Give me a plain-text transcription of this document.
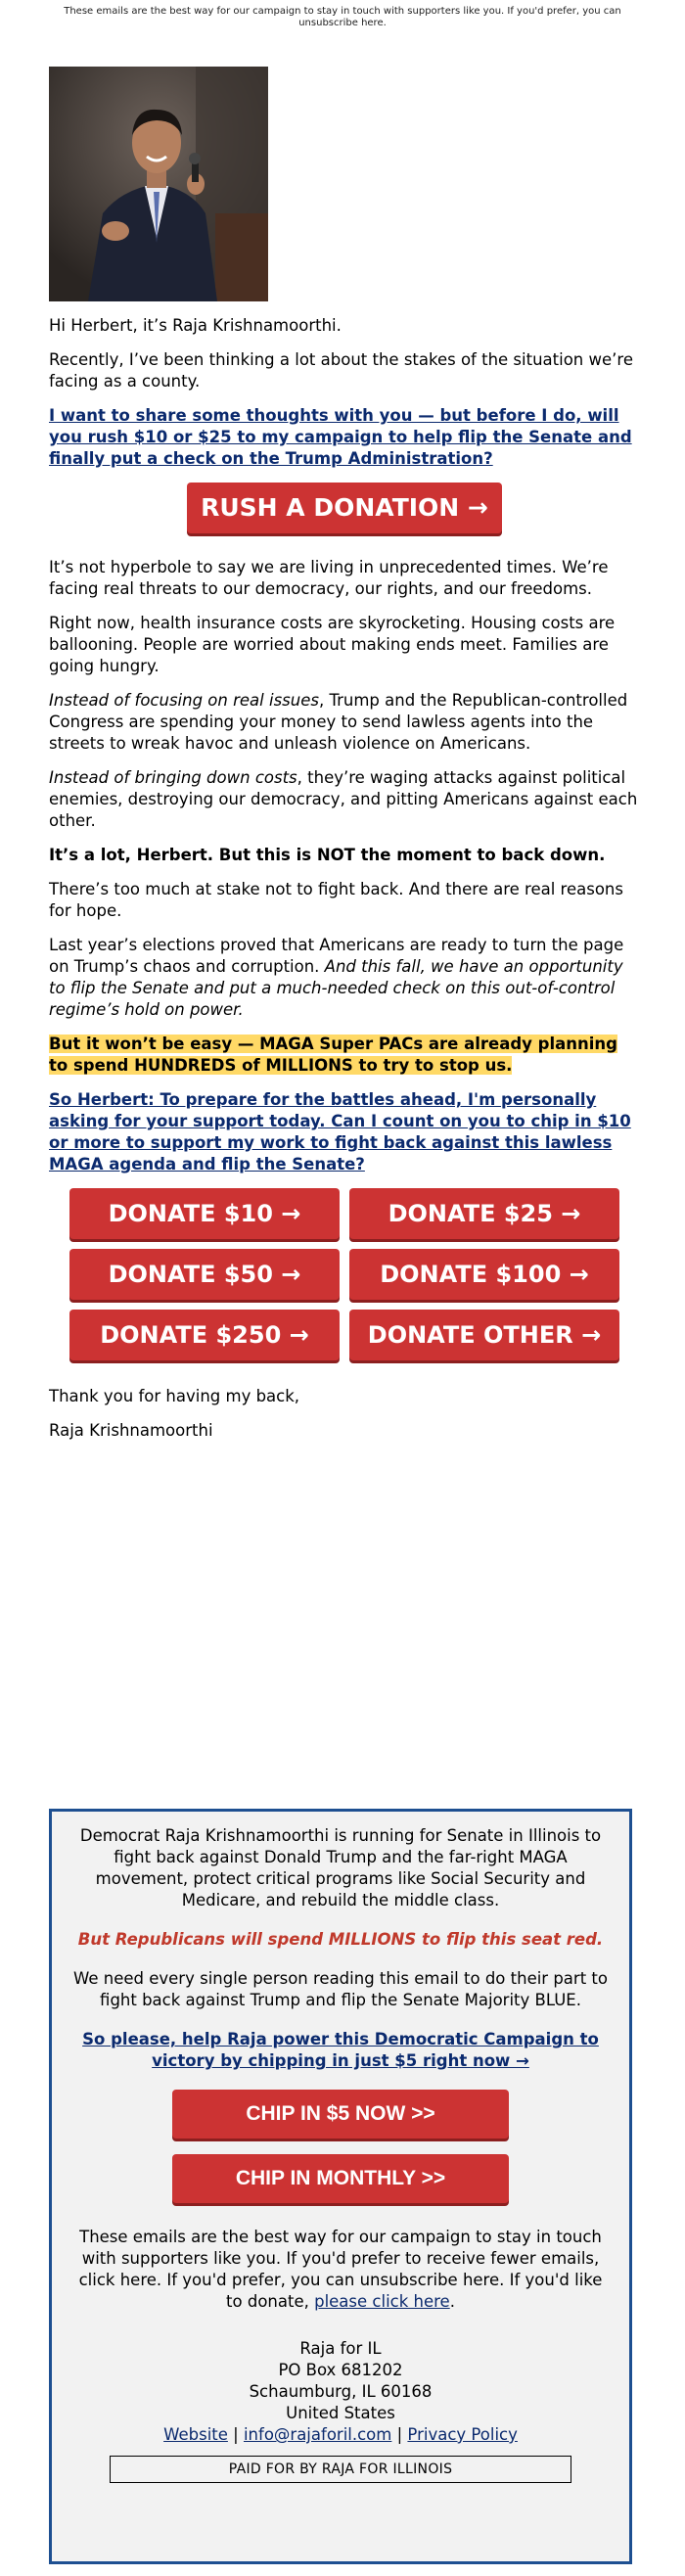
These emails are the best way for our campaign to stay in touch with supporters like you. If you'd prefer, you can unsubscribe here.

Hi Herbert, it’s Raja Krishnamoorthi.

Recently, I’ve been thinking a lot about the stakes of the situation we’re facing as a county.

I want to share some thoughts with you — but before I do, will you rush $10 or $25 to my campaign to help flip the Senate and finally put a check on the Trump Administration?

RUSH A DONATION →

It’s not hyperbole to say we are living in unprecedented times. We’re facing real threats to our democracy, our rights, and our freedoms.

Right now, health insurance costs are skyrocketing. Housing costs are ballooning. People are worried about making ends meet. Families are going hungry.

Instead of focusing on real issues, Trump and the Republican-controlled Congress are spending your money to send lawless agents into the streets to wreak havoc and unleash violence on Americans.

Instead of bringing down costs, they’re waging attacks against political enemies, destroying our democracy, and pitting Americans against each other.

It’s a lot, Herbert. But this is NOT the moment to back down.

There’s too much at stake not to fight back. And there are real reasons for hope.

Last year’s elections proved that Americans are ready to turn the page on Trump’s chaos and corruption. And this fall, we have an opportunity to flip the Senate and put a much-needed check on this out-of-control regime’s hold on power.

But it won’t be easy — MAGA Super PACs are already planning to spend HUNDREDS of MILLIONS to try to stop us.

So Herbert: To prepare for the battles ahead, I'm personally asking for your support today. Can I count on you to chip in $10 or more to support my work to fight back against this lawless MAGA agenda and flip the Senate?

DONATE $10 →	DONATE $25 →
DONATE $50 →	DONATE $100 →
DONATE $250 →	DONATE OTHER →

Thank you for having my back,

Raja Krishnamoorthi

Democrat Raja Krishnamoorthi is running for Senate in Illinois to fight back against Donald Trump and the far-right MAGA movement, protect critical programs like Social Security and Medicare, and rebuild the middle class.

But Republicans will spend MILLIONS to flip this seat red.

We need every single person reading this email to do their part to fight back against Trump and flip the Senate Majority BLUE.

So please, help Raja power this Democratic Campaign to victory by chipping in just $5 right now →

CHIP IN $5 NOW >>
CHIP IN MONTHLY >>

These emails are the best way for our campaign to stay in touch with supporters like you. If you'd prefer to receive fewer emails, click here. If you'd prefer, you can unsubscribe here. If you'd like to donate, please click here.

Raja for IL
PO Box 681202
Schaumburg, IL 60168
United States
Website | info@rajaforil.com | Privacy Policy
PAID FOR BY RAJA FOR ILLINOIS
